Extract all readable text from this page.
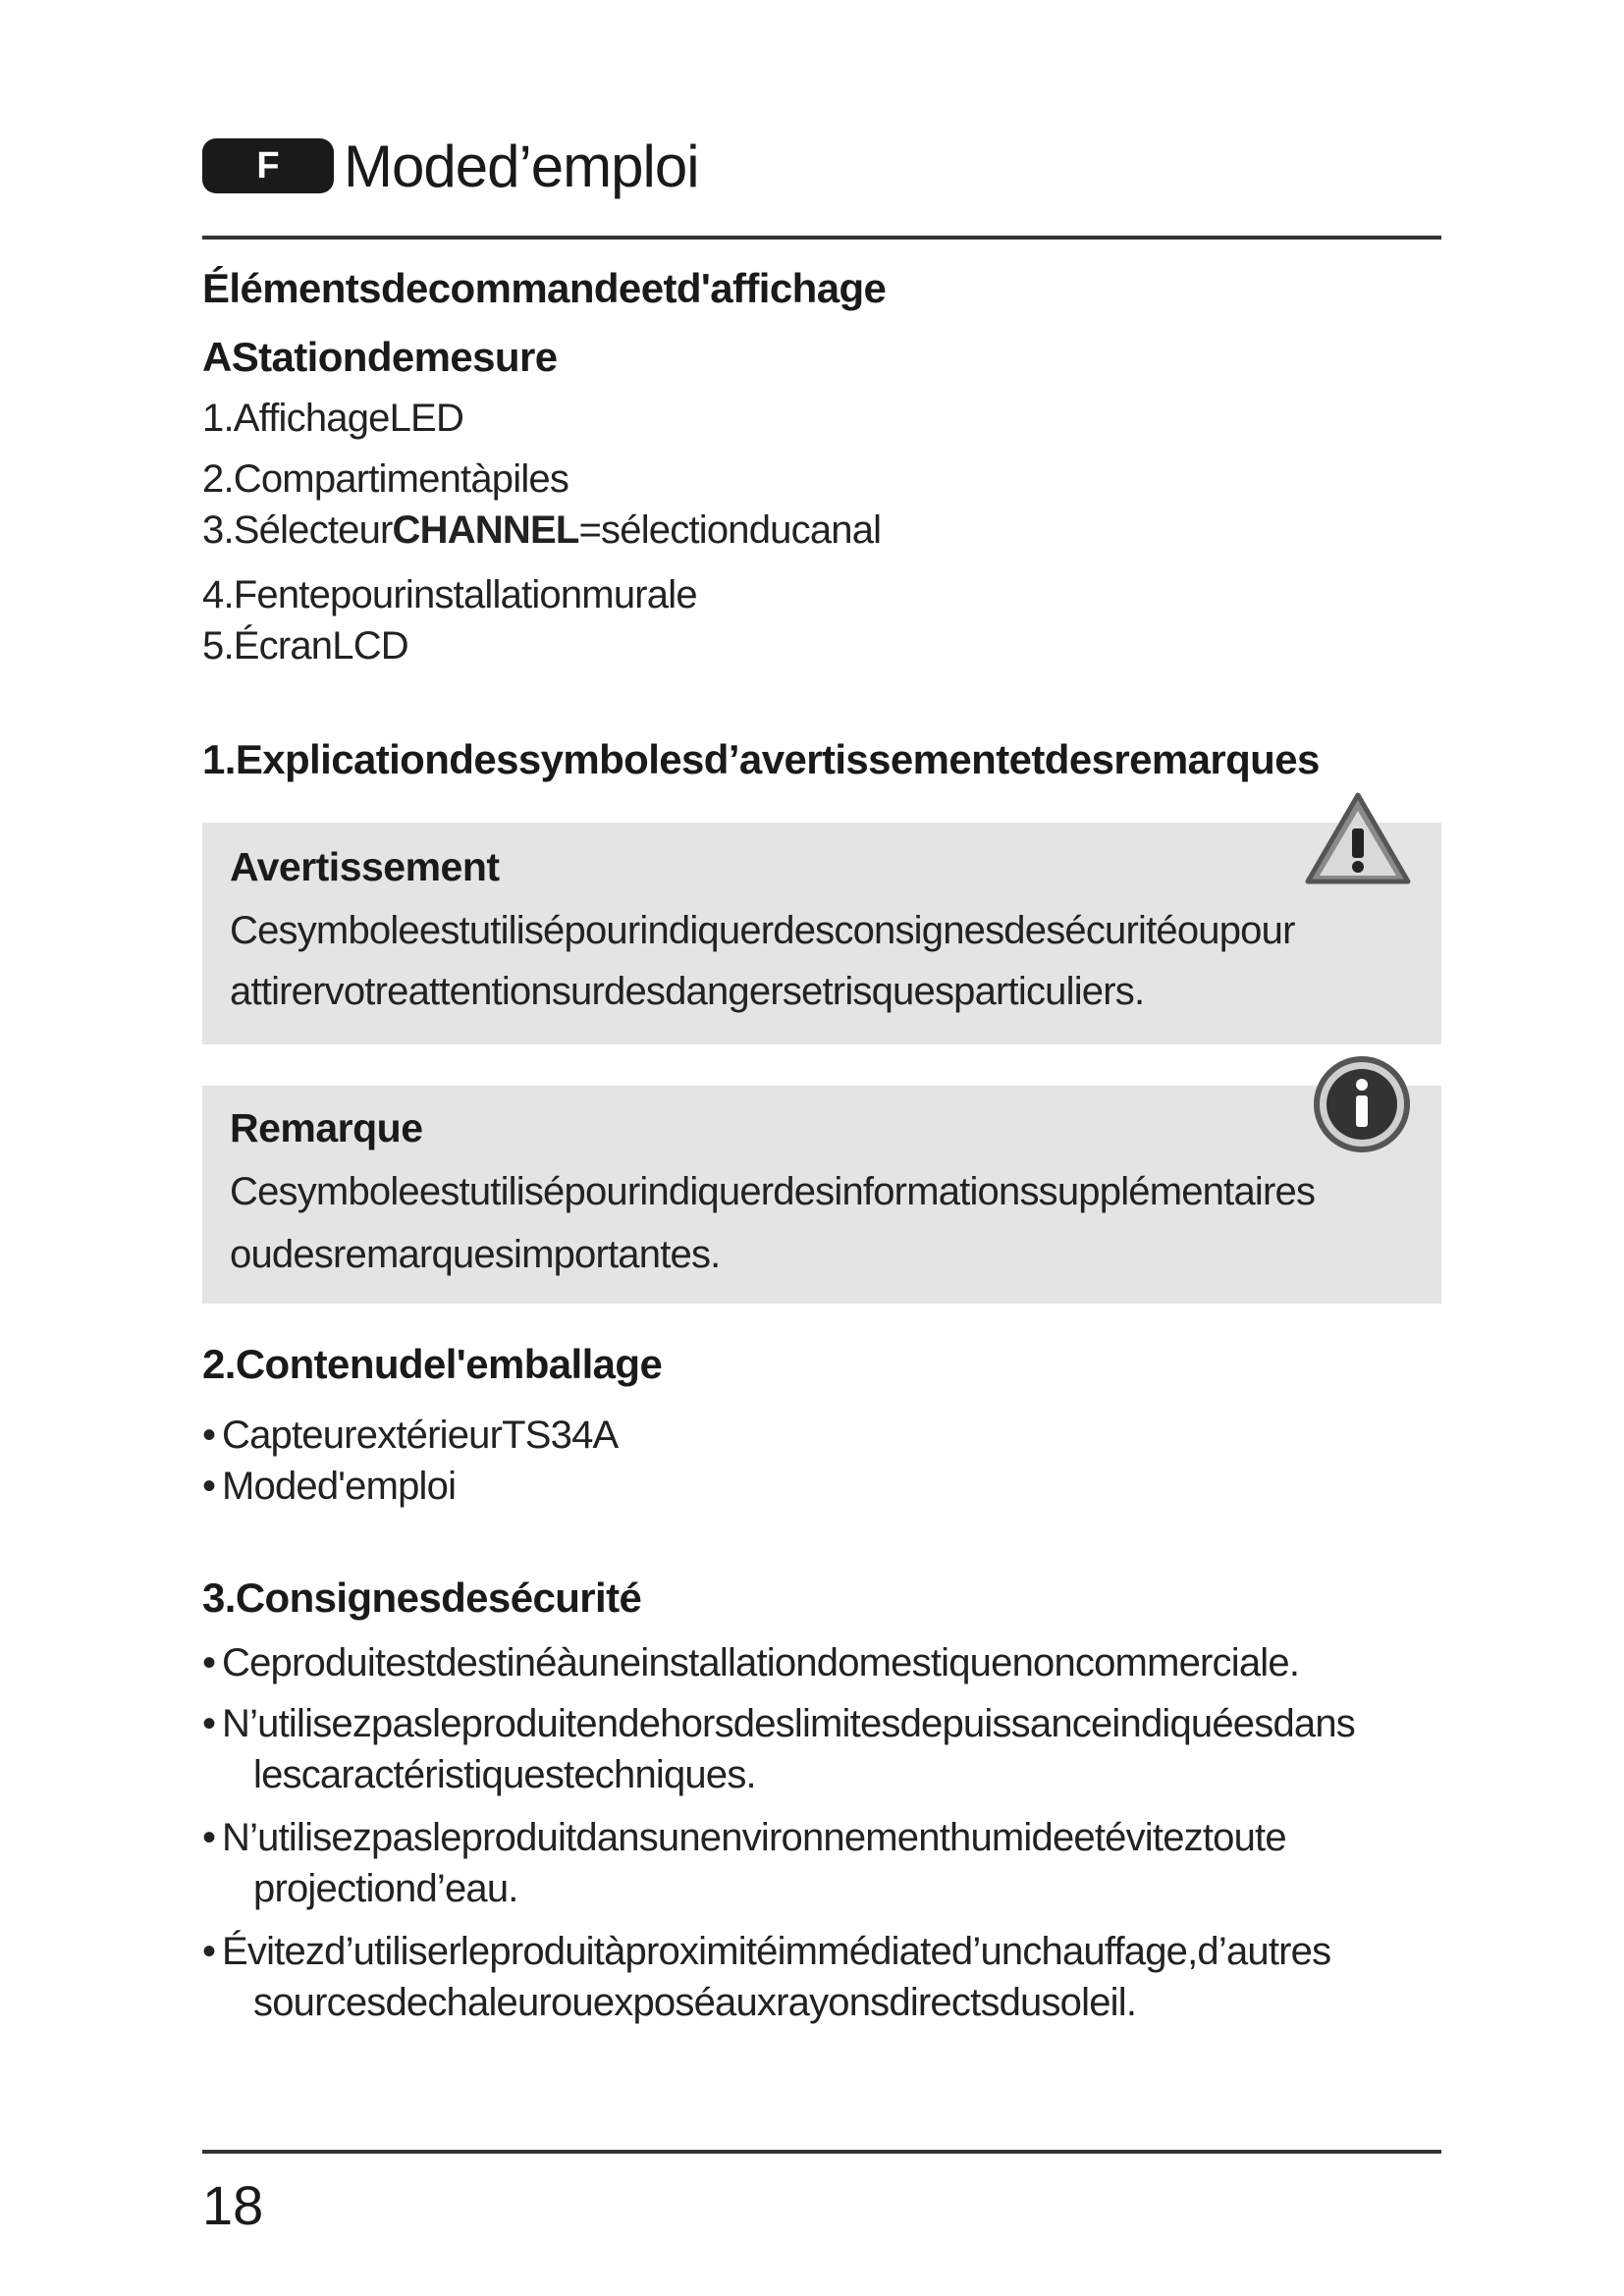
F	Moded’emploi
Élémentsdecommandeetd'affichage
AStationdemesure
1.AffichageLED
2.Compartimentàpiles
3.SélecteurCHANNEL=sélectionducanal
4.Fentepourinstallationmurale
5.ÉcranLCD
1.Explicationdessymbolesd’avertissementetdesremarques
Avertissement
Cesymboleestutilisépourindiquerdesconsignesdesécuritéoupour
attirervotreattentionsurdesdangersetrisquesparticuliers.
Remarque
Cesymboleestutilisépourindiquerdesinformationssupplémentaires
oudesremarquesimportantes.
2.Contenudel'emballage
• CapteurextérieurTS34A
• Moded'emploi
3.Consignesdesécurité
• Ceproduitestdestinéàuneinstallationdomestiquenoncommerciale.
• N’utilisezpasleproduitendehorsdeslimitesdepuissanceindiquéesdans
lescaractéristiquestechniques.
• N’utilisezpasleproduitdansunenvironnementhumideetéviteztoute
projectiond’eau.
• Évitezd’utiliserleproduitàproximitéimmédiated’unchauffage,d’autres
sourcesdechaleurouexposéauxrayonsdirectsdusoleil.
18
